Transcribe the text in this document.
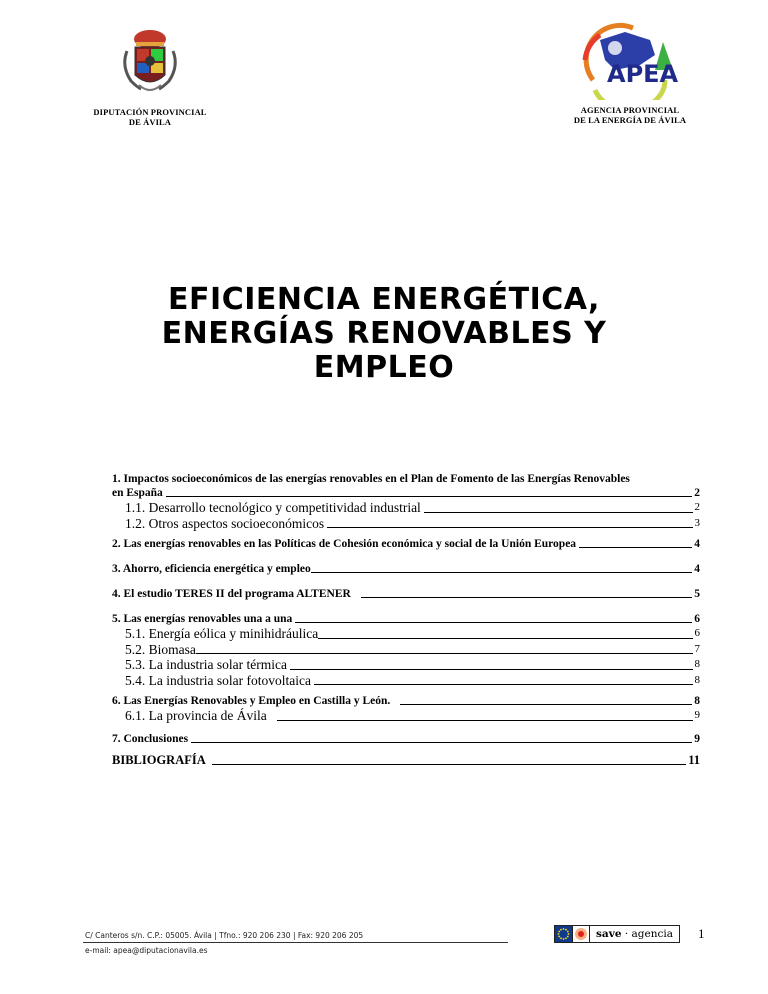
DIPUTACIÓN PROVINCIAL
DE ÁVILA
APEA
AGENCIA PROVINCIAL
DE LA ENERGÍA DE ÁVILA
EFICIENCIA ENERGÉTICA,
ENERGÍAS RENOVABLES Y
EMPLEO
1. Impactos socioeconómicos de las energías renovables en el Plan de Fomento de las Energías Renovables
en España	2
1.1. Desarrollo tecnológico y competitividad industrial	2
1.2. Otros aspectos socioeconómicos	3
2. Las energías renovables en las Políticas de Cohesión económica y social de la Unión Europea	4
3. Ahorro, eficiencia energética y empleo	4
4. El estudio TERES II del programa ALTENER	5
5. Las energías renovables una a una	6
5.1. Energía eólica y minihidráulica	6
5.2. Biomasa	7
5.3. La industria solar térmica	8
5.4. La industria solar fotovoltaica	8
6. Las Energías Renovables y Empleo en Castilla y León.	8
6.1. La provincia de Ávila	9
7. Conclusiones	9
BIBLIOGRAFÍA	11
C/ Canteros s/n. C.P.: 05005. Ávila | Tfno.: 920 206 230 | Fax: 920 206 205
e-mail: apea@diputacionavila.es
save · agencia	1
